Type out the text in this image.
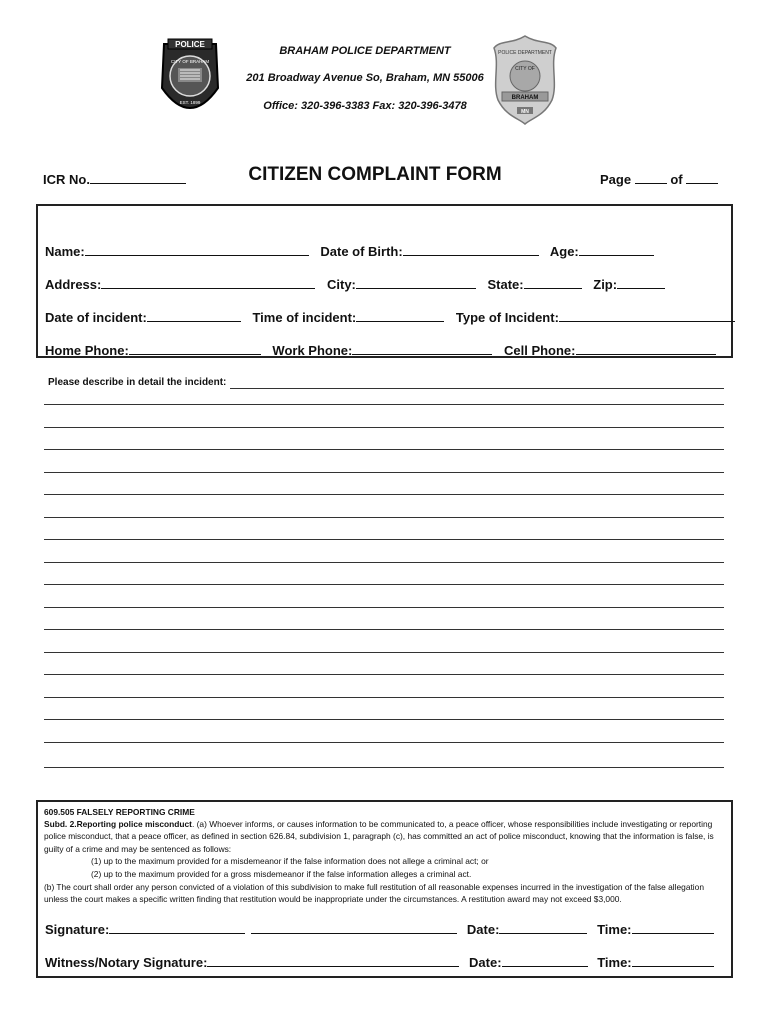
POLICE
CITY OF BRAHAM
EST. 1899
BRAHAM POLICE DEPARTMENT
201 Broadway Avenue So, Braham, MN 55006
Office: 320-396-3383 Fax: 320-396-3478
POLICE DEPARTMENT
CITY OF
BRAHAM
MN
ICR No.	CITIZEN COMPLAINT FORM	Page	of
Name:	Date of Birth:	Age:
Address:	City:	State:	Zip:
Date of incident:	Time of incident:	Type of Incident:
Home Phone:	Work Phone:	Cell Phone:
Please describe in detail the incident:
609.505 FALSELY REPORTING CRIME
Subd. 2.Reporting police misconduct. (a) Whoever informs, or causes information to be communicated to, a peace officer, whose responsibilities include investigating or reporting police misconduct, that a peace officer, as defined in section 626.84, subdivision 1, paragraph (c), has committed an act of police misconduct, knowing that the information is false, is guilty of a crime and may be sentenced as follows:
(1) up to the maximum provided for a misdemeanor if the false information does not allege a criminal act; or
(2) up to the maximum provided for a gross misdemeanor if the false information alleges a criminal act.
(b) The court shall order any person convicted of a violation of this subdivision to make full restitution of all reasonable expenses incurred in the investigation of the false allegation unless the court makes a specific written finding that restitution would be inappropriate under the circumstances. A restitution award may not exceed $3,000.
Signature:	Date:	Time:
Witness/Notary Signature:	Date:	Time:
